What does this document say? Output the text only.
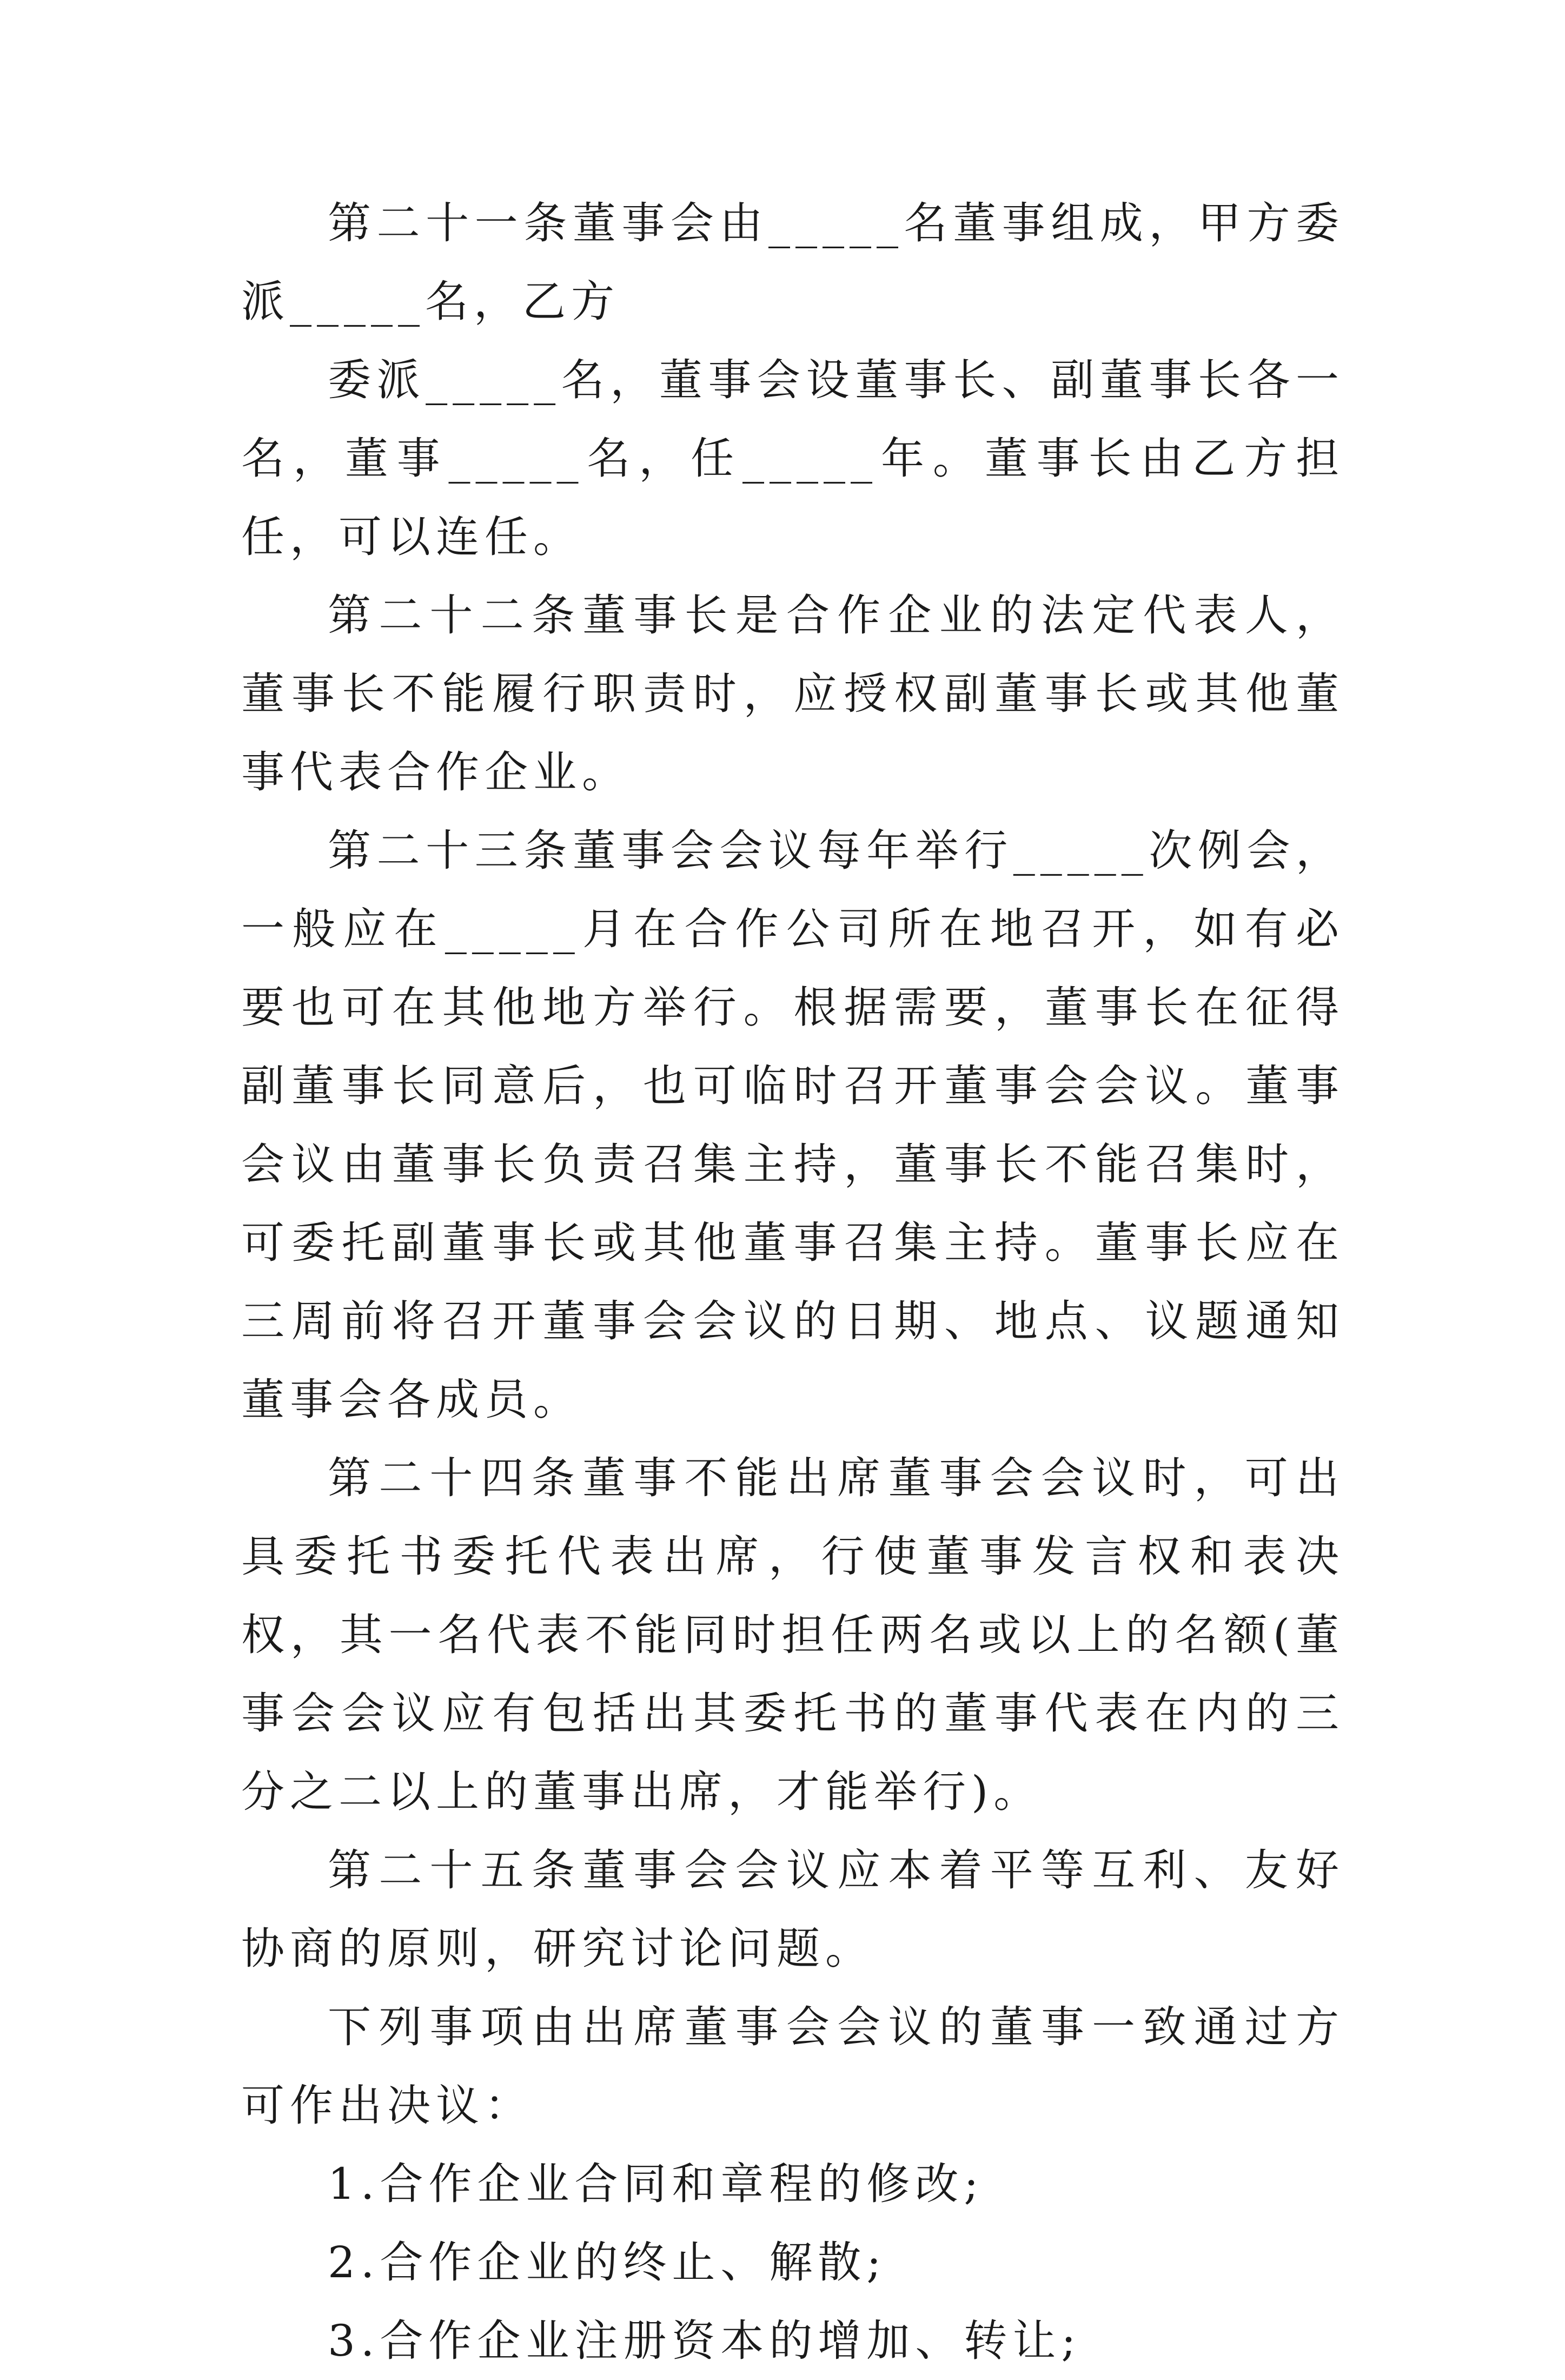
第二十一条董事会由_____名董事组成，甲方委派_____名，乙方

委派_____名，董事会设董事长、副董事长各一名，董事_____名，任_____年。董事长由乙方担任，可以连任。

第二十二条董事长是合作企业的法定代表人，董事长不能履行职责时，应授权副董事长或其他董事代表合作企业。

第二十三条董事会会议每年举行_____次例会，一般应在_____月在合作公司所在地召开，如有必要也可在其他地方举行。根据需要，董事长在征得副董事长同意后，也可临时召开董事会会议。董事会议由董事长负责召集主持，董事长不能召集时，可委托副董事长或其他董事召集主持。董事长应在三周前将召开董事会会议的日期、地点、议题通知董事会各成员。

第二十四条董事不能出席董事会会议时，可出具委托书委托代表出席，行使董事发言权和表决权，其一名代表不能同时担任两名或以上的名额(董事会会议应有包括出其委托书的董事代表在内的三分之二以上的董事出席，才能举行)。

第二十五条董事会会议应本着平等互利、友好协商的原则，研究讨论问题。

下列事项由出席董事会会议的董事一致通过方可作出决议：

1.合作企业合同和章程的修改;

2.合作企业的终止、解散;

3.合作企业注册资本的增加、转让;
